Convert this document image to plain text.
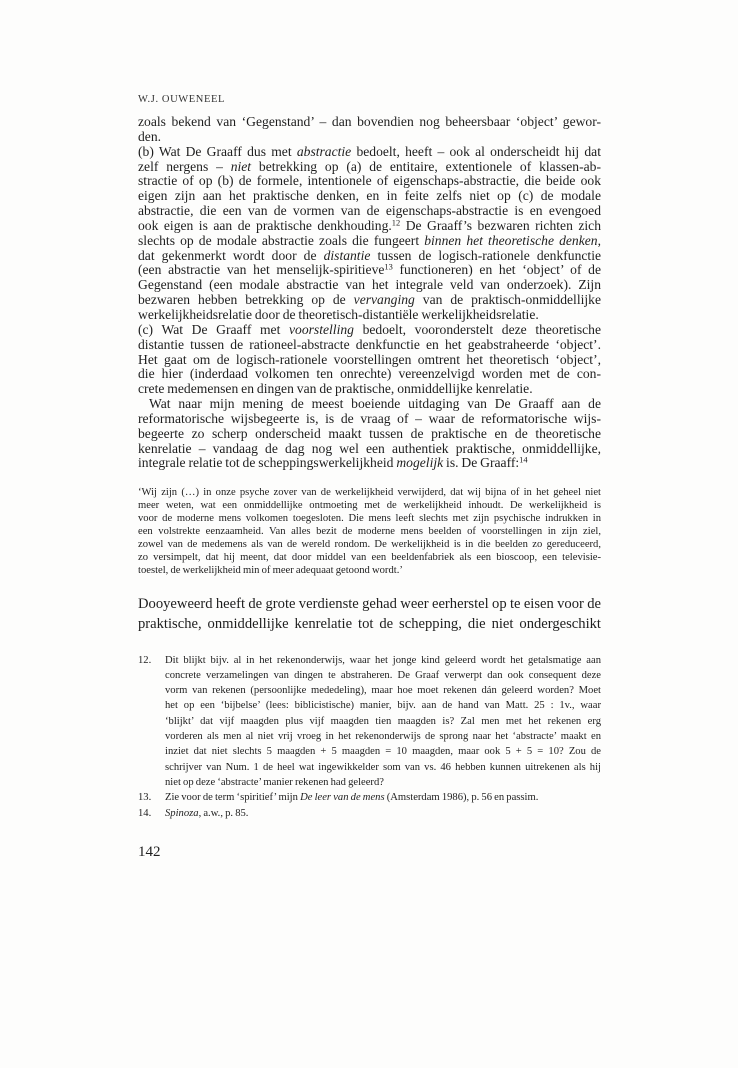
W.J. OUWENEEL
zoals bekend van ‘Gegenstand’ – dan bovendien nog beheersbaar ‘object’ gewor-
den.
(b) Wat De Graaff dus met abstractie bedoelt, heeft – ook al onderscheidt hij dat
zelf nergens – niet betrekking op (a) de entitaire, extentionele of klassen-ab-
stractie of op (b) de formele, intentionele of eigenschaps-abstractie, die beide ook
eigen zijn aan het praktische denken, en in feite zelfs niet op (c) de modale
abstractie, die een van de vormen van de eigenschaps-abstractie is en evengoed
ook eigen is aan de praktische denkhouding.$^{12}$ De Graaff’s bezwaren richten zich
slechts op de modale abstractie zoals die fungeert binnen het theoretische denken,
dat gekenmerkt wordt door de distantie tussen de logisch-rationele denkfunctie
(een abstractie van het menselijk-spiritieve$^{13}$ functioneren) en het ‘object’ of de
Gegenstand (een modale abstractie van het integrale veld van onderzoek). Zijn
bezwaren hebben betrekking op de vervanging van de praktisch-onmiddellijke
werkelijkheidsrelatie door de theoretisch-distantiële werkelijkheidsrelatie.
(c) Wat De Graaff met voorstelling bedoelt, vooronderstelt deze theoretische
distantie tussen de rationeel-abstracte denkfunctie en het geabstraheerde ‘object’.
Het gaat om de logisch-rationele voorstellingen omtrent het theoretisch ‘object’,
die hier (inderdaad volkomen ten onrechte) vereenzelvigd worden met de con-
crete medemensen en dingen van de praktische, onmiddellijke kenrelatie.
Wat naar mijn mening de meest boeiende uitdaging van De Graaff aan de
reformatorische wijsbegeerte is, is de vraag of – waar de reformatorische wijs-
begeerte zo scherp onderscheid maakt tussen de praktische en de theoretische
kenrelatie – vandaag de dag nog wel een authentiek praktische, onmiddellijke,
integrale relatie tot de scheppingswerkelijkheid mogelijk is. De Graaff:$^{14}$
‘Wij zijn (…) in onze psyche zover van de werkelijkheid verwijderd, dat wij bijna of in het geheel niet
meer weten, wat een onmiddellijke ontmoeting met de werkelijkheid inhoudt. De werkelijkheid is
voor de moderne mens volkomen toegesloten. Die mens leeft slechts met zijn psychische indrukken in
een volstrekte eenzaamheid. Van alles bezit de moderne mens beelden of voorstellingen in zijn ziel,
zowel van de medemens als van de wereld rondom. De werkelijkheid is in die beelden zo gereduceerd,
zo versimpelt, dat hij meent, dat door middel van een beeldenfabriek als een bioscoop, een televisie-
toestel, de werkelijkheid min of meer adequaat getoond wordt.’
Dooyeweerd heeft de grote verdienste gehad weer eerherstel op te eisen voor de
praktische, onmiddellijke kenrelatie tot de schepping, die niet ondergeschikt
12. Dit blijkt bijv. al in het rekenonderwijs, waar het jonge kind geleerd wordt het getalsmatige aan
concrete verzamelingen van dingen te abstraheren. De Graaf verwerpt dan ook consequent deze
vorm van rekenen (persoonlijke mededeling), maar hoe moet rekenen dán geleerd worden? Moet
het op een ‘bijbelse’ (lees: biblicistische) manier, bijv. aan de hand van Matt. 25 : 1v., waar
‘blijkt’ dat vijf maagden plus vijf maagden tien maagden is? Zal men met het rekenen erg
vorderen als men al niet vrij vroeg in het rekenonderwijs de sprong naar het ‘abstracte’ maakt en
inziet dat niet slechts 5 maagden + 5 maagden = 10 maagden, maar ook 5 + 5 = 10? Zou de
schrijver van Num. 1 de heel wat ingewikkelder som van vs. 46 hebben kunnen uitrekenen als hij
niet op deze ‘abstracte’ manier rekenen had geleerd?
13. Zie voor de term ‘spiritief’ mijn De leer van de mens (Amsterdam 1986), p. 56 en passim.
14. Spinoza, a.w., p. 85.
142
